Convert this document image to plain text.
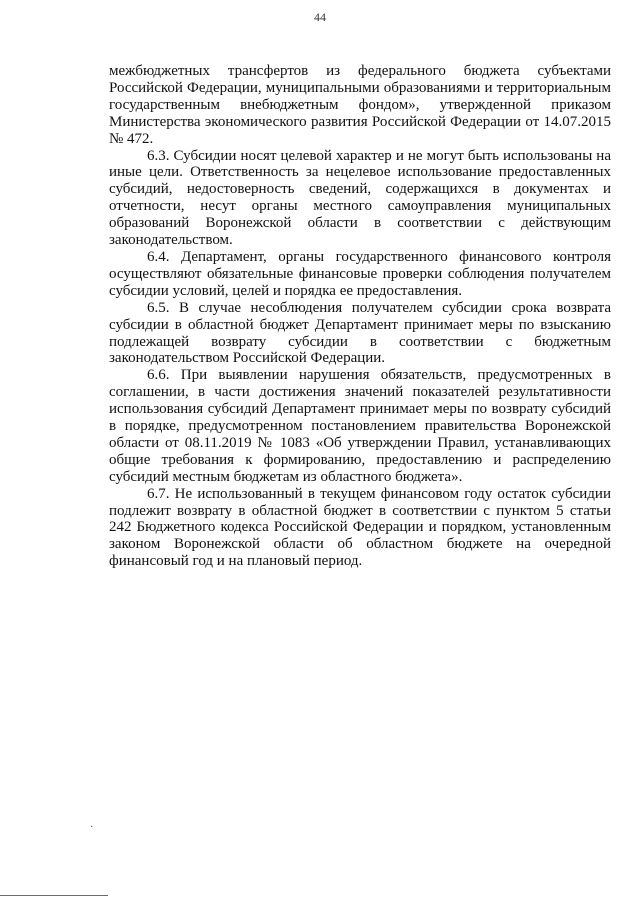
44

межбюджетных трансфертов из федерального бюджета субъектами Российской Федерации, муниципальными образованиями и территориальным государственным внебюджетным фондом», утвержденной приказом Министерства экономического развития Российской Федерации от 14.07.2015 № 472.

6.3. Субсидии носят целевой характер и не могут быть использованы на иные цели. Ответственность за нецелевое использование предоставленных субсидий, недостоверность сведений, содержащихся в документах и отчетности, несут органы местного самоуправления муниципальных образований Воронежской области в соответствии с действующим законодательством.

6.4. Департамент, органы государственного финансового контроля осуществляют обязательные финансовые проверки соблюдения получателем субсидии условий, целей и порядка ее предоставления.

6.5. В случае несоблюдения получателем субсидии срока возврата субсидии в областной бюджет Департамент принимает меры по взысканию подлежащей возврату субсидии в соответствии с бюджетным законодательством Российской Федерации.

6.6. При выявлении нарушения обязательств, предусмотренных в соглашении, в части достижения значений показателей результативности использования субсидий Департамент принимает меры по возврату субсидий в порядке, предусмотренном постановлением правительства Воронежской области от 08.11.2019 № 1083 «Об утверждении Правил, устанавливающих общие требования к формированию, предоставлению и распределению субсидий местным бюджетам из областного бюджета».

6.7. Не использованный в текущем финансовом году остаток субсидии подлежит возврату в областной бюджет в соответствии с пунктом 5 статьи 242 Бюджетного кодекса Российской Федерации и порядком, установленным законом Воронежской области об областном бюджете на очередной финансовый год и на плановый период.

·
